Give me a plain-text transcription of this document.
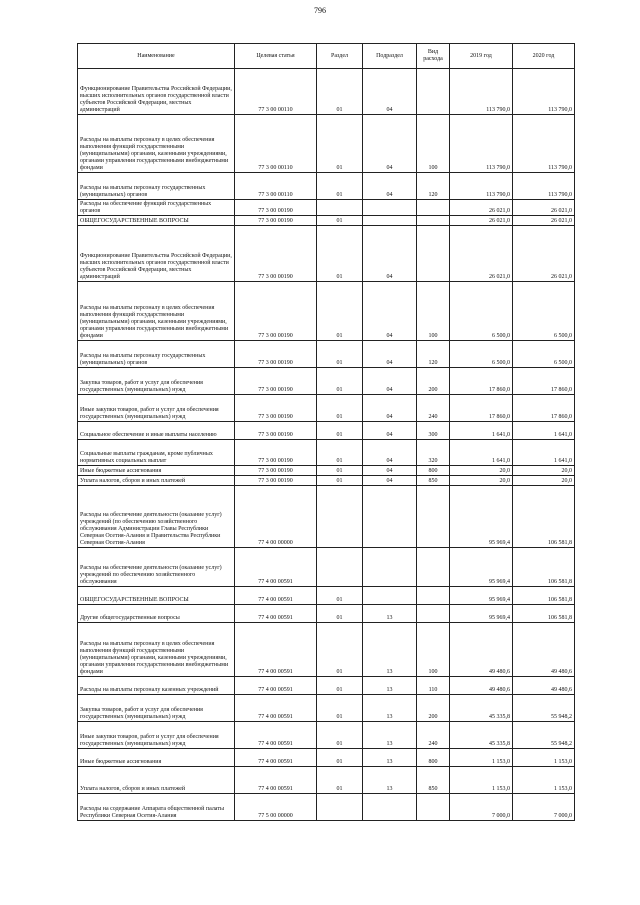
796
Наименование	Целевая статья	Раздел	Подраздел	Вид расхода	2019 год	2020 год
Функционирование Правительства Российской Федерации, высших исполнительных органов государственной власти субъектов Российской Федерации, местных администраций	77 3 00 00110	01	04		113 790,0	113 790,0
Расходы на выплаты персоналу в целях обеспечения выполнения функций государственными (муниципальными) органами, казенными учреждениями, органами управления государственными внебюджетными фондами	77 3 00 00110	01	04	100	113 790,0	113 790,0
Расходы на выплаты персоналу государственных (муниципальных) органов	77 3 00 00110	01	04	120	113 790,0	113 790,0
Расходы на обеспечение функций государственных органов	77 3 00 00190				26 021,0	26 021,0
ОБЩЕГОСУДАРСТВЕННЫЕ ВОПРОСЫ	77 3 00 00190	01			26 021,0	26 021,0
Функционирование Правительства Российской Федерации, высших исполнительных органов государственной власти субъектов Российской Федерации, местных администраций	77 3 00 00190	01	04		26 021,0	26 021,0
Расходы на выплаты персоналу в целях обеспечения выполнения функций государственными (муниципальными) органами, казенными учреждениями, органами управления государственными внебюджетными фондами	77 3 00 00190	01	04	100	6 500,0	6 500,0
Расходы на выплаты персоналу государственных (муниципальных) органов	77 3 00 00190	01	04	120	6 500,0	6 500,0
Закупка товаров, работ и услуг для обеспечения государственных (муниципальных) нужд	77 3 00 00190	01	04	200	17 860,0	17 860,0
Иные закупки товаров, работ и услуг для обеспечения государственных (муниципальных) нужд	77 3 00 00190	01	04	240	17 860,0	17 860,0
Социальное обеспечение и иные выплаты населению	77 3 00 00190	01	04	300	1 641,0	1 641,0
Социальные выплаты гражданам, кроме публичных нормативных социальных выплат	77 3 00 00190	01	04	320	1 641,0	1 641,0
Иные бюджетные ассигнования	77 3 00 00190	01	04	800	20,0	20,0
Уплата налогов, сборов и иных платежей	77 3 00 00190	01	04	850	20,0	20,0
Расходы на обеспечение деятельности (оказание услуг) учреждений (по обеспечению хозяйственного обслуживания Администрации Главы Республики Северная Осетия-Алания и Правительства Республики Северная Осетия-Алания	77 4 00 00000				95 969,4	106 581,8
Расходы на обеспечение деятельности (оказание услуг) учреждений по обеспечению хозяйственного обслуживания	77 4 00 00591				95 969,4	106 581,8
ОБЩЕГОСУДАРСТВЕННЫЕ ВОПРОСЫ	77 4 00 00591	01			95 969,4	106 581,8
Другие общегосударственные вопросы	77 4 00 00591	01	13		95 969,4	106 581,8
Расходы на выплаты персоналу в целях обеспечения выполнения функций государственными (муниципальными) органами, казенными учреждениями, органами управления государственными внебюджетными фондами	77 4 00 00591	01	13	100	49 480,6	49 480,6
Расходы на выплаты персоналу казенных учреждений	77 4 00 00591	01	13	110	49 480,6	49 480,6
Закупка товаров, работ и услуг для обеспечения государственных (муниципальных) нужд	77 4 00 00591	01	13	200	45 335,8	55 948,2
Иные закупки товаров, работ и услуг для обеспечения государственных (муниципальных) нужд	77 4 00 00591	01	13	240	45 335,8	55 948,2
Иные бюджетные ассигнования	77 4 00 00591	01	13	800	1 153,0	1 153,0
Уплата налогов, сборов и иных платежей	77 4 00 00591	01	13	850	1 153,0	1 153,0
Расходы на содержание Аппарата общественной палаты Республики Северная Осетия-Алания	77 5 00 00000				7 000,0	7 000,0
